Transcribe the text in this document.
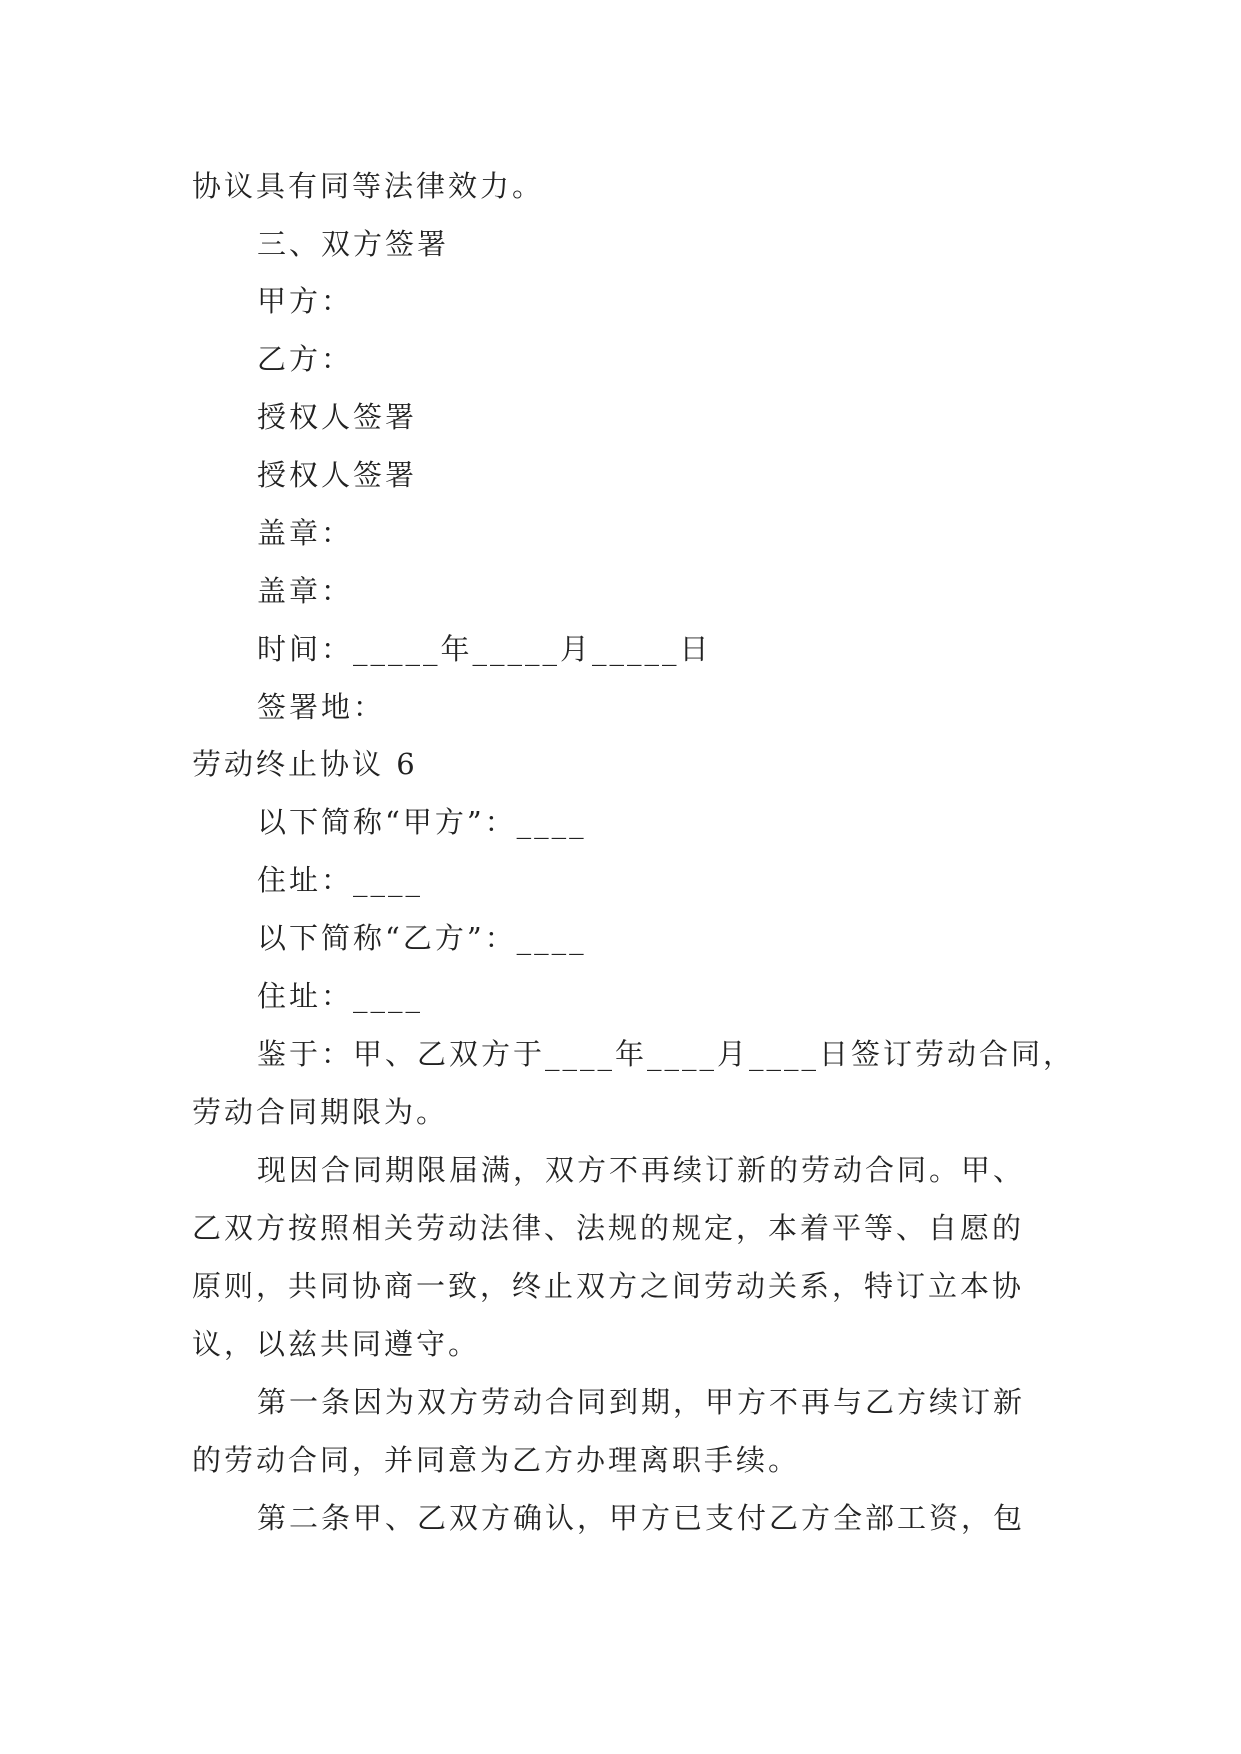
协议具有同等法律效力。
三、双方签署
甲方：
乙方：
授权人签署
授权人签署
盖章：
盖章：
时间：_____年_____月_____日
签署地：
劳动终止协议 6
以下简称“甲方”：____
住址：____
以下简称“乙方”：____
住址：____
鉴于：甲、乙双方于____年____月____日签订劳动合同，
劳动合同期限为。
现因合同期限届满，双方不再续订新的劳动合同。甲、
乙双方按照相关劳动法律、法规的规定，本着平等、自愿的
原则，共同协商一致，终止双方之间劳动关系，特订立本协
议，以兹共同遵守。
第一条因为双方劳动合同到期，甲方不再与乙方续订新
的劳动合同，并同意为乙方办理离职手续。
第二条甲、乙双方确认，甲方已支付乙方全部工资，包
